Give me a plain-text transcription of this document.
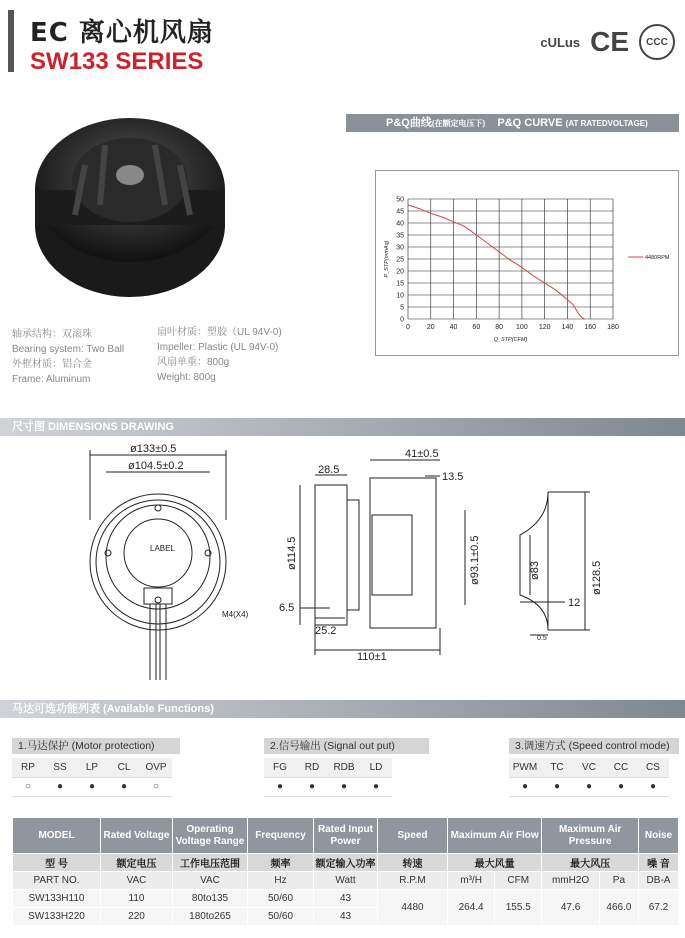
EC 离心机风扇
SW133 SERIES
cULus CE	CCC
轴承结构：双滚珠
Bearing system: Two Ball
外框材质：铝合金
Frame: Aluminum
扇叶材质：塑胶（UL 94V-0)
Impeller: Plastic (UL 94V-0)
风扇单重：800g
Weight: 800g
P&Q曲线(在额定电压下) P&Q CURVE (AT RATEDVOLTAGE)
0 20 40 60 80 100 120 140 160 180
0
5
10
15
20
25
30
35
40
45
50
Q_STP(CFM)
P_STP(mmAq)	4480RPM
尺寸图 DIMENSIONS DRAWING
ø133±0.5
ø104.5±0.2
LABEL
M4(X4)
28.5
41±0.5
13.5
ø114.5	ø93.1±0.5
6.5
25.2
110±1
ø83	ø128.5
12
0.5
马达可选功能列表 (Available Functions)
1.马达保护 (Motor protection)
RP	SS	LP	CL	OVP
○	●	●	●	○
2.信号输出 (Signal out put)
FG	RD	RDB	LD
●	●	●	●
3.调速方式 (Speed control mode)
PWM	TC	VC	CC	CS
●	●	●	●	●
MODEL	Rated Voltage	Operating Voltage Range	Frequency	Rated Input Power	Speed	Maximum Air Flow		Maximum Air Pressure		Noise
型 号	额定电压	工作电压范围	频率	额定输入功率	转速	最大风量		最大风压		噪 音
PART NO.	VAC	VAC	Hz	Watt	R.P.M	m³/H	CFM	mmH2O	Pa	DB-A
SW133H110	110	80to135	50/60	43	4480	264.4	155.5	47.6	466.0	67.2
SW133H220	220	180to265	50/60	43						
